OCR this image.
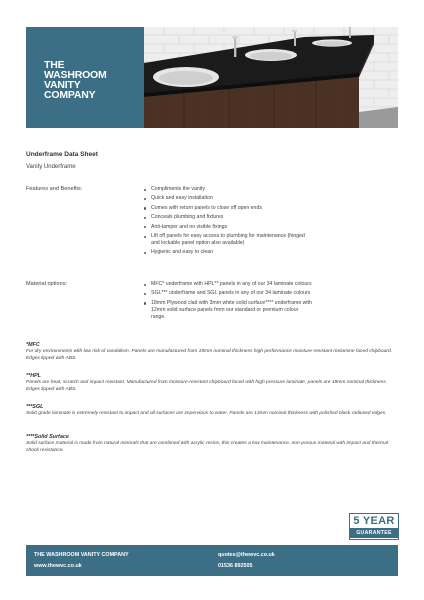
THE
WASHROOM
VANITY
COMPANY
Underframe Data Sheet
Vanity Underframe
Features and Benefits:	Compliments the vanity
Quick and easy installation
Comes with return panels to close off open ends
Conceals plumbing and fixtures
Anti-tamper and no visible fixings
Lift off panels for easy access to plumbing for maintenance (hinged and lockable panel option also available)
Hygienic and easy to clean
Material options:	MFC* underframe with HPL** panels in any of our 34 laminate colours
SGL*** underframe and SGL panels in any of our 34 laminate colours
18mm Plywood clad with 3mm white solid surface**** underframe with 12mm solid surface panels from our standard or premium colour range.
*MFC
For dry environments with low risk of vandalism. Panels are manufactured from 19mm nominal thickness high performance moisture-resistant melamine faced chipboard. Edges lipped with ABS.
**HPL
Panels are heat, scratch and impact resistant. Manufactured from moisture-resistant chipboard faced with high pressure laminate, panels are 19mm nominal thickness. Edges lipped with ABS.
***SGL
Solid grade laminate is extremely resistant to impact and all surfaces are impervious to water. Panels are 13mm nominal thickness with polished black radiused edges.
****Solid Surface
Solid surface material is made from natural minerals that are combined with acrylic resins, this creates a low maintenance, non-porous material with impact and thermal shock resistance.
5 YEAR
GUARANTEE
THE WASHROOM VANITY COMPANY
www.thewvc.co.uk
quotes@thewvc.co.uk
01536 892505
